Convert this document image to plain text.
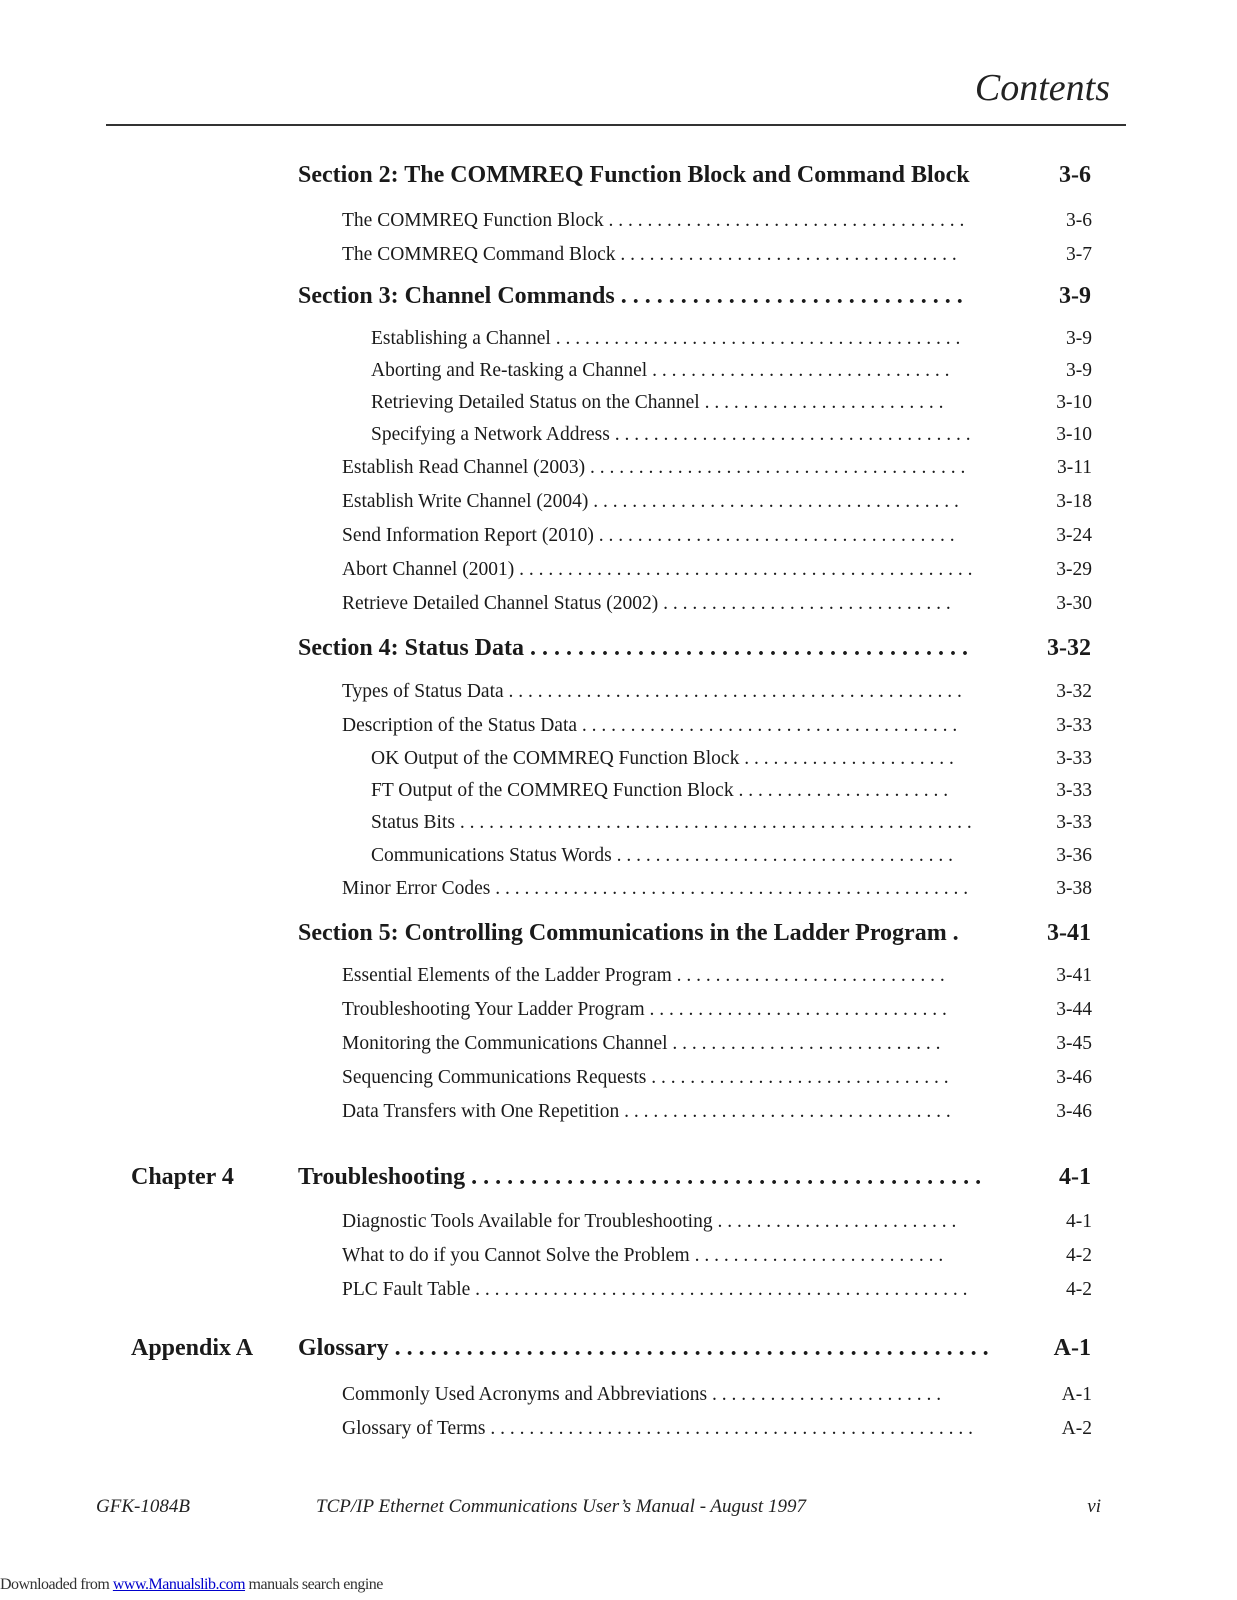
Contents
Section 2: The COMMREQ Function Block and Command Block	3-6
The COMMREQ Function Block . . . . . . . . . . . . . . . . . . . . . . . . . . . . . . . . . . . . .	3-6
The COMMREQ Command Block . . . . . . . . . . . . . . . . . . . . . . . . . . . . . . . . . . .	3-7
Section 3: Channel Commands . . . . . . . . . . . . . . . . . . . . . . . . . . . . .	3-9
Establishing a Channel . . . . . . . . . . . . . . . . . . . . . . . . . . . . . . . . . . . . . . . . . .	3-9
Aborting and Re-tasking a Channel . . . . . . . . . . . . . . . . . . . . . . . . . . . . . . .	3-9
Retrieving Detailed Status on the Channel . . . . . . . . . . . . . . . . . . . . . . . . .	3-10
Specifying a Network Address . . . . . . . . . . . . . . . . . . . . . . . . . . . . . . . . . . . . .	3-10
Establish Read Channel (2003) . . . . . . . . . . . . . . . . . . . . . . . . . . . . . . . . . . . . . . .	3-11
Establish Write Channel (2004) . . . . . . . . . . . . . . . . . . . . . . . . . . . . . . . . . . . . . .	3-18
Send Information Report (2010) . . . . . . . . . . . . . . . . . . . . . . . . . . . . . . . . . . . . .	3-24
Abort Channel (2001) . . . . . . . . . . . . . . . . . . . . . . . . . . . . . . . . . . . . . . . . . . . . . . .	3-29
Retrieve Detailed Channel Status (2002) . . . . . . . . . . . . . . . . . . . . . . . . . . . . . .	3-30
Section 4: Status Data . . . . . . . . . . . . . . . . . . . . . . . . . . . . . . . . . . . . .	3-32
Types of Status Data . . . . . . . . . . . . . . . . . . . . . . . . . . . . . . . . . . . . . . . . . . . . . . .	3-32
Description of the Status Data . . . . . . . . . . . . . . . . . . . . . . . . . . . . . . . . . . . . . . .	3-33
OK Output of the COMMREQ Function Block . . . . . . . . . . . . . . . . . . . . . .	3-33
FT Output of the COMMREQ Function Block . . . . . . . . . . . . . . . . . . . . . .	3-33
Status Bits . . . . . . . . . . . . . . . . . . . . . . . . . . . . . . . . . . . . . . . . . . . . . . . . . . . . .	3-33
Communications Status Words . . . . . . . . . . . . . . . . . . . . . . . . . . . . . . . . . . .	3-36
Minor Error Codes . . . . . . . . . . . . . . . . . . . . . . . . . . . . . . . . . . . . . . . . . . . . . . . . .	3-38
Section 5: Controlling Communications in the Ladder Program .	3-41
Essential Elements of the Ladder Program . . . . . . . . . . . . . . . . . . . . . . . . . . . .	3-41
Troubleshooting Your Ladder Program . . . . . . . . . . . . . . . . . . . . . . . . . . . . . . .	3-44
Monitoring the Communications Channel . . . . . . . . . . . . . . . . . . . . . . . . . . . .	3-45
Sequencing Communications Requests . . . . . . . . . . . . . . . . . . . . . . . . . . . . . . .	3-46
Data Transfers with One Repetition . . . . . . . . . . . . . . . . . . . . . . . . . . . . . . . . . .	3-46
Chapter 4	Troubleshooting . . . . . . . . . . . . . . . . . . . . . . . . . . . . . . . . . . . . . . . . . . .	4-1
Diagnostic Tools Available for Troubleshooting . . . . . . . . . . . . . . . . . . . . . . . . .	4-1
What to do if you Cannot Solve the Problem . . . . . . . . . . . . . . . . . . . . . . . . . .	4-2
PLC Fault Table . . . . . . . . . . . . . . . . . . . . . . . . . . . . . . . . . . . . . . . . . . . . . . . . . . .	4-2
Appendix A Glossary . . . . . . . . . . . . . . . . . . . . . . . . . . . . . . . . . . . . . . . . . . . . . . . . . .	A-1
Commonly Used Acronyms and Abbreviations . . . . . . . . . . . . . . . . . . . . . . . .	A-1
Glossary of Terms . . . . . . . . . . . . . . . . . . . . . . . . . . . . . . . . . . . . . . . . . . . . . . . . . .	A-2
GFK-1084B	TCP/IP Ethernet Communications User’s Manual - August 1997	vi
Downloaded from www.Manualslib.com manuals search engine
